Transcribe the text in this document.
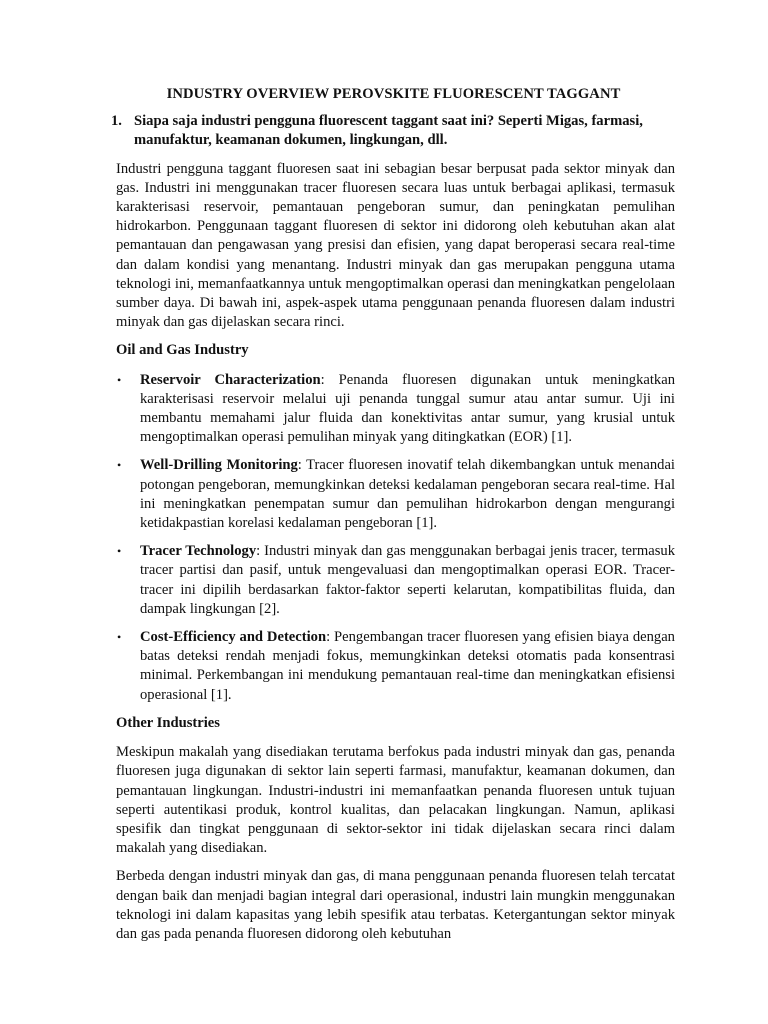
INDUSTRY OVERVIEW PEROVSKITE FLUORESCENT TAGGANT
1. Siapa saja industri pengguna fluorescent taggant saat ini? Seperti Migas, farmasi, manufaktur, keamanan dokumen, lingkungan, dll.

Industri pengguna taggant fluoresen saat ini sebagian besar berpusat pada sektor minyak dan gas. Industri ini menggunakan tracer fluoresen secara luas untuk berbagai aplikasi, termasuk karakterisasi reservoir, pemantauan pengeboran sumur, dan peningkatan pemulihan hidrokarbon. Penggunaan taggant fluoresen di sektor ini didorong oleh kebutuhan akan alat pemantauan dan pengawasan yang presisi dan efisien, yang dapat beroperasi secara real-time dan dalam kondisi yang menantang. Industri minyak dan gas merupakan pengguna utama teknologi ini, memanfaatkannya untuk mengoptimalkan operasi dan meningkatkan pengelolaan sumber daya. Di bawah ini, aspek-aspek utama penggunaan penanda fluoresen dalam industri minyak dan gas dijelaskan secara rinci.

Oil and Gas Industry
•	Reservoir Characterization: Penanda fluoresen digunakan untuk meningkatkan karakterisasi reservoir melalui uji penanda tunggal sumur atau antar sumur. Uji ini membantu memahami jalur fluida dan konektivitas antar sumur, yang krusial untuk mengoptimalkan operasi pemulihan minyak yang ditingkatkan (EOR) [1].
•	Well-Drilling Monitoring: Tracer fluoresen inovatif telah dikembangkan untuk menandai potongan pengeboran, memungkinkan deteksi kedalaman pengeboran secara real-time. Hal ini meningkatkan penempatan sumur dan pemulihan hidrokarbon dengan mengurangi ketidakpastian korelasi kedalaman pengeboran [1].
•	Tracer Technology: Industri minyak dan gas menggunakan berbagai jenis tracer, termasuk tracer partisi dan pasif, untuk mengevaluasi dan mengoptimalkan operasi EOR. Tracer-tracer ini dipilih berdasarkan faktor-faktor seperti kelarutan, kompatibilitas fluida, dan dampak lingkungan [2].
•	Cost-Efficiency and Detection: Pengembangan tracer fluoresen yang efisien biaya dengan batas deteksi rendah menjadi fokus, memungkinkan deteksi otomatis pada konsentrasi minimal. Perkembangan ini mendukung pemantauan real-time dan meningkatkan efisiensi operasional [1].
Other Industries

Meskipun makalah yang disediakan terutama berfokus pada industri minyak dan gas, penanda fluoresen juga digunakan di sektor lain seperti farmasi, manufaktur, keamanan dokumen, dan pemantauan lingkungan. Industri-industri ini memanfaatkan penanda fluoresen untuk tujuan seperti autentikasi produk, kontrol kualitas, dan pelacakan lingkungan. Namun, aplikasi spesifik dan tingkat penggunaan di sektor-sektor ini tidak dijelaskan secara rinci dalam makalah yang disediakan.

Berbeda dengan industri minyak dan gas, di mana penggunaan penanda fluoresen telah tercatat dengan baik dan menjadi bagian integral dari operasional, industri lain mungkin menggunakan teknologi ini dalam kapasitas yang lebih spesifik atau terbatas. Ketergantungan sektor minyak dan gas pada penanda fluoresen didorong oleh kebutuhan
